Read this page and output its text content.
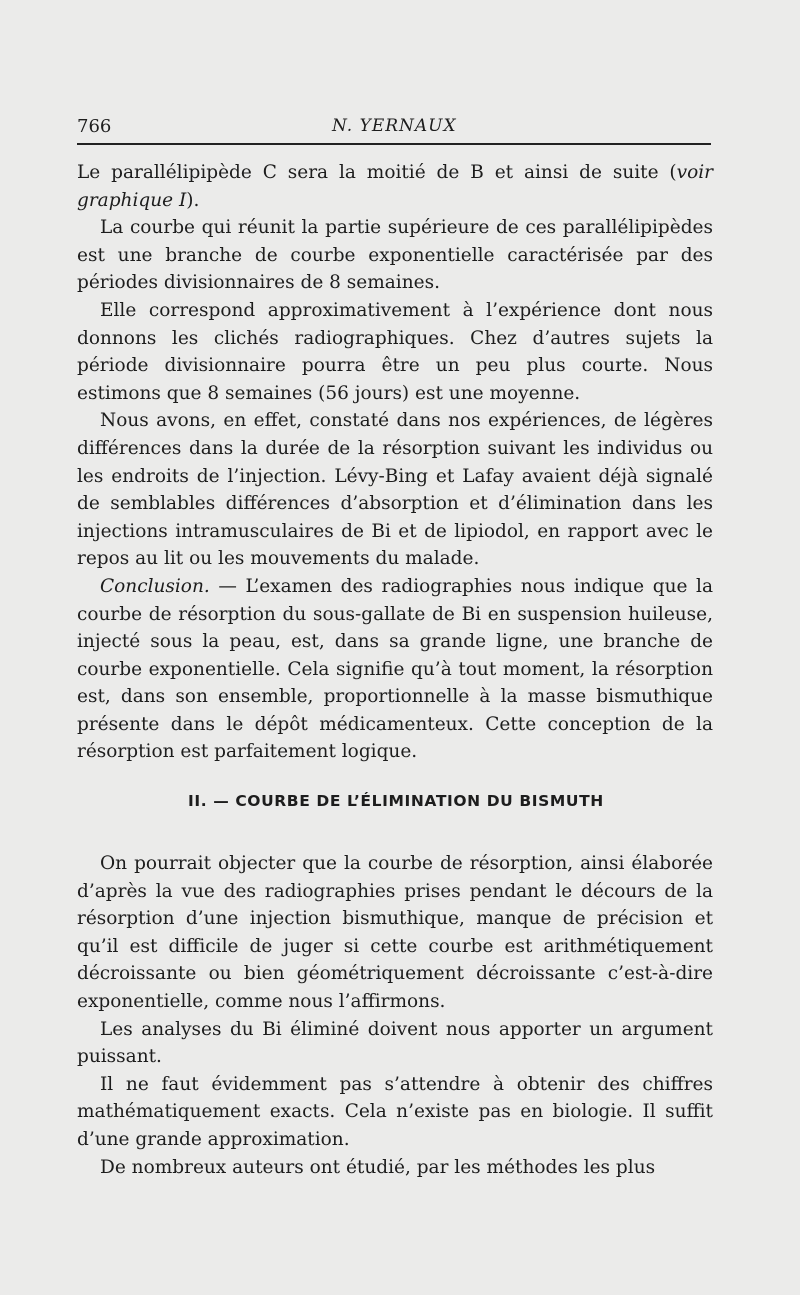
766	N. YERNAUX

Le parallélipipède C sera la moitié de B et ainsi de suite (voir graphique I).

La courbe qui réunit la partie supérieure de ces parallélipipèdes est une branche de courbe exponentielle caractérisée par des périodes divisionnaires de 8 semaines.

Elle correspond approximativement à l’expérience dont nous donnons les clichés radiographiques. Chez d’autres sujets la période divisionnaire pourra être un peu plus courte. Nous estimons que 8 semaines (56 jours) est une moyenne.

Nous avons, en effet, constaté dans nos expériences, de légères différences dans la durée de la résorption suivant les individus ou les endroits de l’injection. Lévy-Bing et Lafay avaient déjà signalé de semblables différences d’absorption et d’élimination dans les injections intramusculaires de Bi et de lipiodol, en rapport avec le repos au lit ou les mouvements du malade.

Conclusion. — L’examen des radiographies nous indique que la courbe de résorption du sous-gallate de Bi en suspension huileuse, injecté sous la peau, est, dans sa grande ligne, une branche de courbe exponentielle. Cela signifie qu’à tout moment, la résorption est, dans son ensemble, proportionnelle à la masse bismuthique présente dans le dépôt médicamenteux. Cette conception de la résorption est parfaitement logique.

II. — COURBE DE L’ÉLIMINATION DU BISMUTH

On pourrait objecter que la courbe de résorption, ainsi élaborée d’après la vue des radiographies prises pendant le décours de la résorption d’une injection bismuthique, manque de précision et qu’il est difficile de juger si cette courbe est arithmétiquement décroissante ou bien géométriquement décroissante c’est-à-dire exponentielle, comme nous l’affirmons.

Les analyses du Bi éliminé doivent nous apporter un argument puissant.

Il ne faut évidemment pas s’attendre à obtenir des chiffres mathématiquement exacts. Cela n’existe pas en biologie. Il suffit d’une grande approximation.

De nombreux auteurs ont étudié, par les méthodes les plus
